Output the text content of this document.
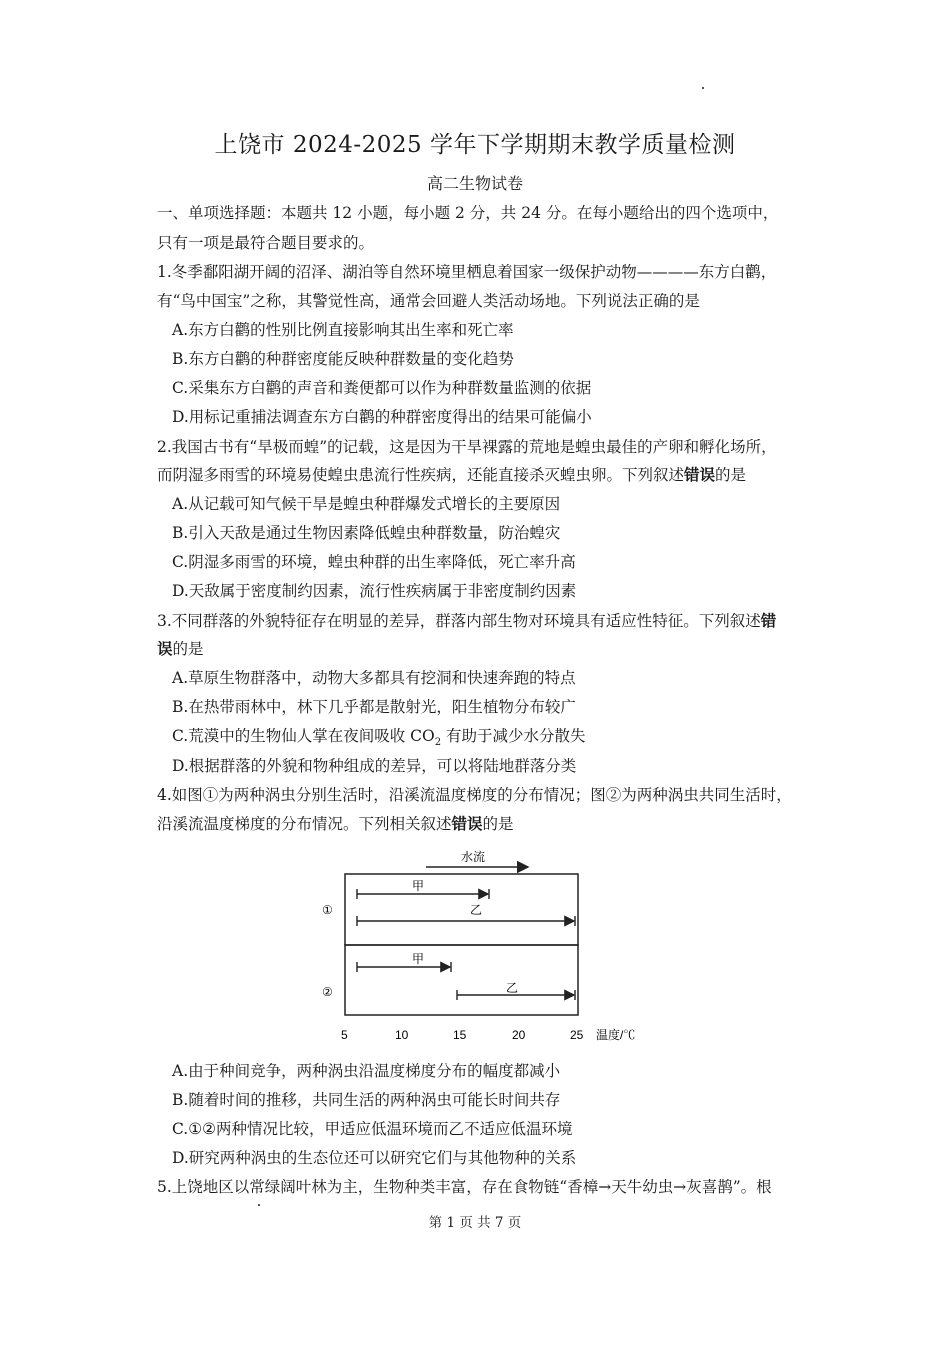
上饶市 2024-2025 学年下学期期末教学质量检测
高二生物试卷
一、单项选择题：本题共 12 小题，每小题 2 分，共 24 分。在每小题给出的四个选项中，
只有一项是最符合题目要求的。
1.冬季鄱阳湖开阔的沼泽、湖泊等自然环境里栖息着国家一级保护动物————东方白鹳，
有“鸟中国宝”之称，其警觉性高，通常会回避人类活动场地。下列说法正确的是
A.东方白鹳的性别比例直接影响其出生率和死亡率
B.东方白鹳的种群密度能反映种群数量的变化趋势
C.采集东方白鹳的声音和粪便都可以作为种群数量监测的依据
D.用标记重捕法调查东方白鹳的种群密度得出的结果可能偏小
2.我国古书有“旱极而蝗”的记载，这是因为干旱裸露的荒地是蝗虫最佳的产卵和孵化场所，
而阴湿多雨雪的环境易使蝗虫患流行性疾病，还能直接杀灭蝗虫卵。下列叙述错误的是
A.从记载可知气候干旱是蝗虫种群爆发式增长的主要原因
B.引入天敌是通过生物因素降低蝗虫种群数量，防治蝗灾
C.阴湿多雨雪的环境，蝗虫种群的出生率降低，死亡率升高
D.天敌属于密度制约因素，流行性疾病属于非密度制约因素
3.不同群落的外貌特征存在明显的差异，群落内部生物对环境具有适应性特征。下列叙述错
误的是
A.草原生物群落中，动物大多都具有挖洞和快速奔跑的特点
B.在热带雨林中，林下几乎都是散射光，阳生植物分布较广
C.荒漠中的生物仙人掌在夜间吸收 $CO_2$ 有助于减少水分散失
D.根据群落的外貌和物种组成的差异，可以将陆地群落分类
4.如图①为两种涡虫分别生活时，沿溪流温度梯度的分布情况；图②为两种涡虫共同生活时，
沿溪流温度梯度的分布情况。下列相关叙述错误的是
水流
①
②
甲
乙
甲
乙
5	10	15	20	25 温度/℃
A.由于种间竞争，两种涡虫沿温度梯度分布的幅度都减小
B.随着时间的推移，共同生活的两种涡虫可能长时间共存
C.①②两种情况比较，甲适应低温环境而乙不适应低温环境
D.研究两种涡虫的生态位还可以研究它们与其他物种的关系
5.上饶地区以常绿阔叶林为主，生物种类丰富，存在食物链“香樟→天牛幼虫→灰喜鹊”。根
第 1 页 共 7 页
